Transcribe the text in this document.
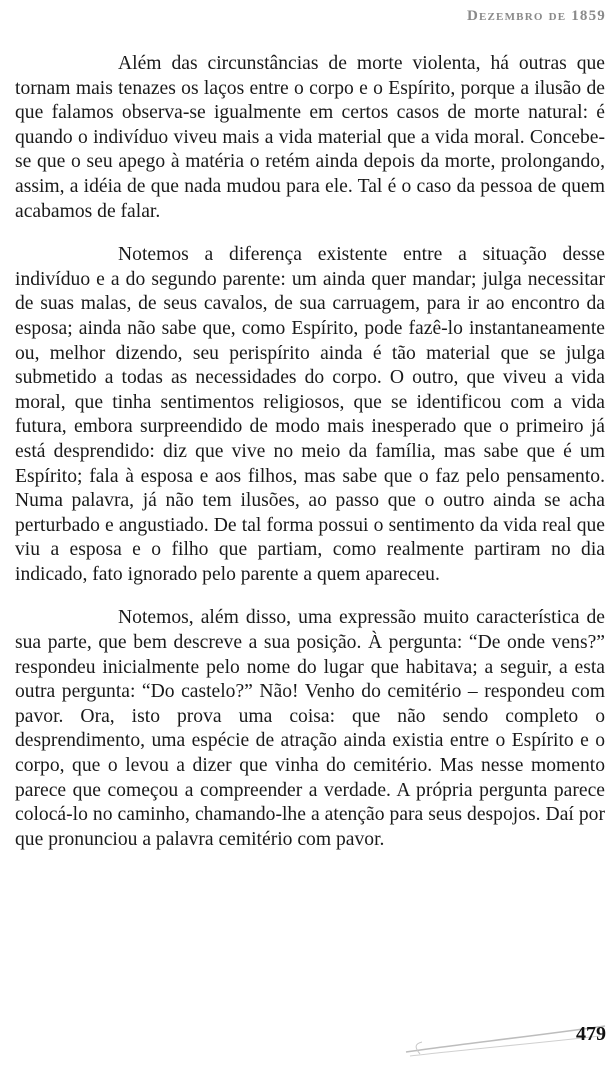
Dezembro de 1859

Além das circunstâncias de morte violenta, há outras que tornam mais tenazes os laços entre o corpo e o Espírito, porque a ilusão de que falamos observa-se igualmente em certos casos de morte natural: é quando o indivíduo viveu mais a vida material que a vida moral. Concebe-se que o seu apego à matéria o retém ainda depois da morte, prolongando, assim, a idéia de que nada mudou para ele. Tal é o caso da pessoa de quem acabamos de falar.

Notemos a diferença existente entre a situação desse indivíduo e a do segundo parente: um ainda quer mandar; julga necessitar de suas malas, de seus cavalos, de sua carruagem, para ir ao encontro da esposa; ainda não sabe que, como Espírito, pode fazê-lo instantaneamente ou, melhor dizendo, seu perispírito ainda é tão material que se julga submetido a todas as necessidades do corpo. O outro, que viveu a vida moral, que tinha sentimentos religiosos, que se identificou com a vida futura, embora surpreendido de modo mais inesperado que o primeiro já está desprendido: diz que vive no meio da família, mas sabe que é um Espírito; fala à esposa e aos filhos, mas sabe que o faz pelo pensamento. Numa palavra, já não tem ilusões, ao passo que o outro ainda se acha perturbado e angustiado. De tal forma possui o sentimento da vida real que viu a esposa e o filho que partiam, como realmente partiram no dia indicado, fato ignorado pelo parente a quem apareceu.

Notemos, além disso, uma expressão muito característica de sua parte, que bem descreve a sua posição. À pergunta: “De onde vens?” respondeu inicialmente pelo nome do lugar que habitava; a seguir, a esta outra pergunta: “Do castelo?” Não! Venho do cemitério – respondeu com pavor. Ora, isto prova uma coisa: que não sendo completo o desprendimento, uma espécie de atração ainda existia entre o Espírito e o corpo, que o levou a dizer que vinha do cemitério. Mas nesse momento parece que começou a compreender a verdade. A própria pergunta parece colocá-lo no caminho, chamando-lhe a atenção para seus despojos. Daí por que pronunciou a palavra cemitério com pavor.

479
